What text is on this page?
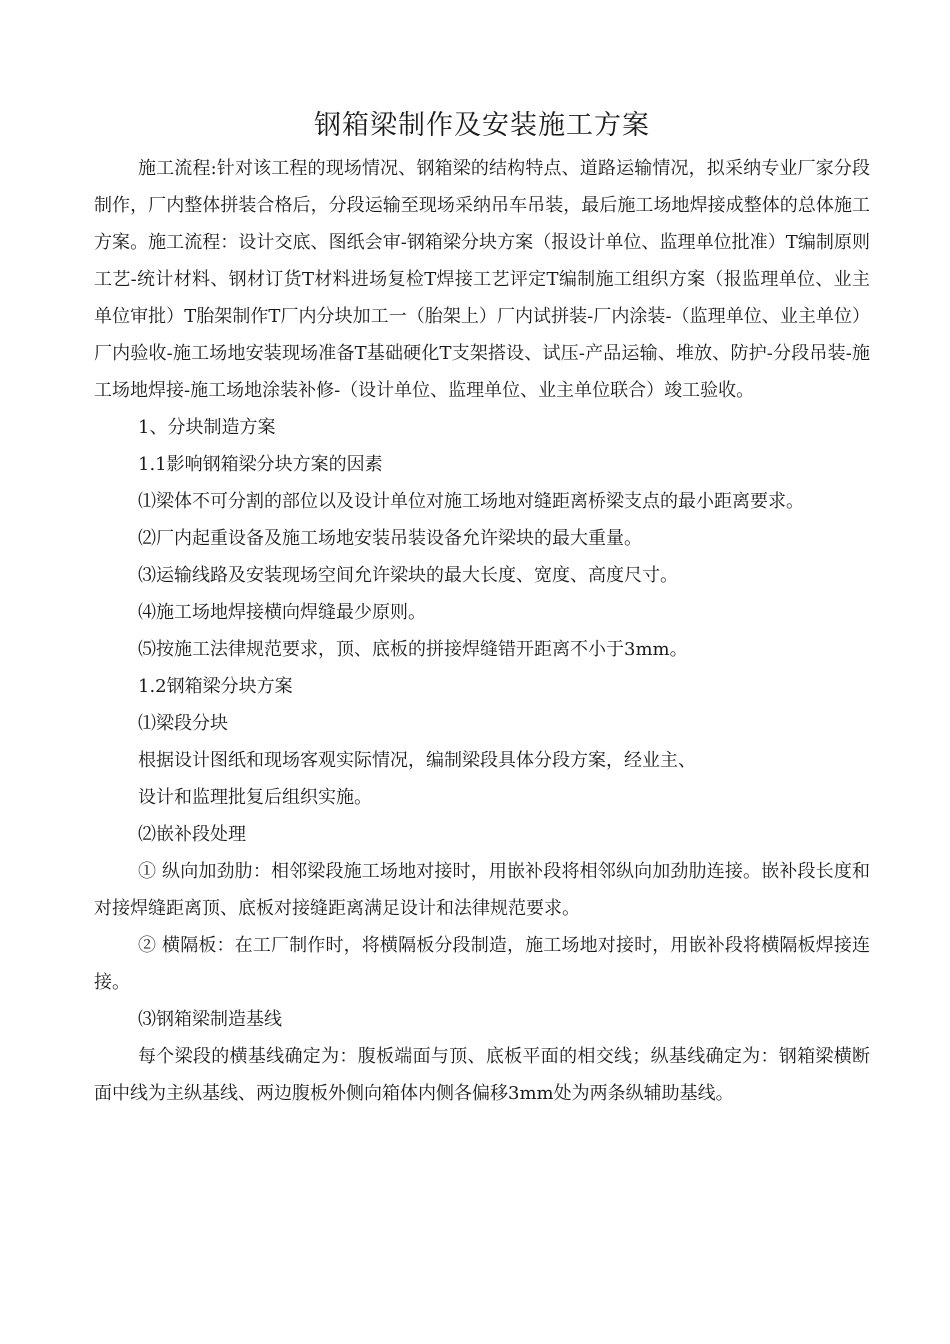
钢箱梁制作及安装施工方案

施工流程:针对该工程的现场情况、钢箱梁的结构特点、道路运输情况，拟采纳专业厂家分段制作，厂内整体拼装合格后，分段运输至现场采纳吊车吊装，最后施工场地焊接成整体的总体施工方案。施工流程：设计交底、图纸会审-钢箱梁分块方案（报设计单位、监理单位批准）T编制原则工艺-统计材料、钢材订货T材料进场复检T焊接工艺评定T编制施工组织方案（报监理单位、业主单位审批）T胎架制作T厂内分块加工一（胎架上）厂内试拼装-厂内涂装-（监理单位、业主单位）厂内验收-施工场地安装现场准备T基础硬化T支架搭设、试压-产品运输、堆放、防护-分段吊装-施工场地焊接-施工场地涂装补修-（设计单位、监理单位、业主单位联合）竣工验收。

1、分块制造方案

1.1影响钢箱梁分块方案的因素

⑴梁体不可分割的部位以及设计单位对施工场地对缝距离桥梁支点的最小距离要求。

⑵厂内起重设备及施工场地安装吊装设备允许梁块的最大重量。

⑶运输线路及安装现场空间允许梁块的最大长度、宽度、高度尺寸。

⑷施工场地焊接横向焊缝最少原则。

⑸按施工法律规范要求，顶、底板的拼接焊缝错开距离不小于3mm。

1.2钢箱梁分块方案

⑴梁段分块

根据设计图纸和现场客观实际情况，编制梁段具体分段方案，经业主、

设计和监理批复后组织实施。

⑵嵌补段处理

① 纵向加劲肋：相邻梁段施工场地对接时，用嵌补段将相邻纵向加劲肋连接。嵌补段长度和对接焊缝距离顶、底板对接缝距离满足设计和法律规范要求。

② 横隔板：在工厂制作时，将横隔板分段制造，施工场地对接时，用嵌补段将横隔板焊接连接。

⑶钢箱梁制造基线

每个梁段的横基线确定为：腹板端面与顶、底板平面的相交线；纵基线确定为：钢箱梁横断面中线为主纵基线、两边腹板外侧向箱体内侧各偏移3mm处为两条纵辅助基线。
